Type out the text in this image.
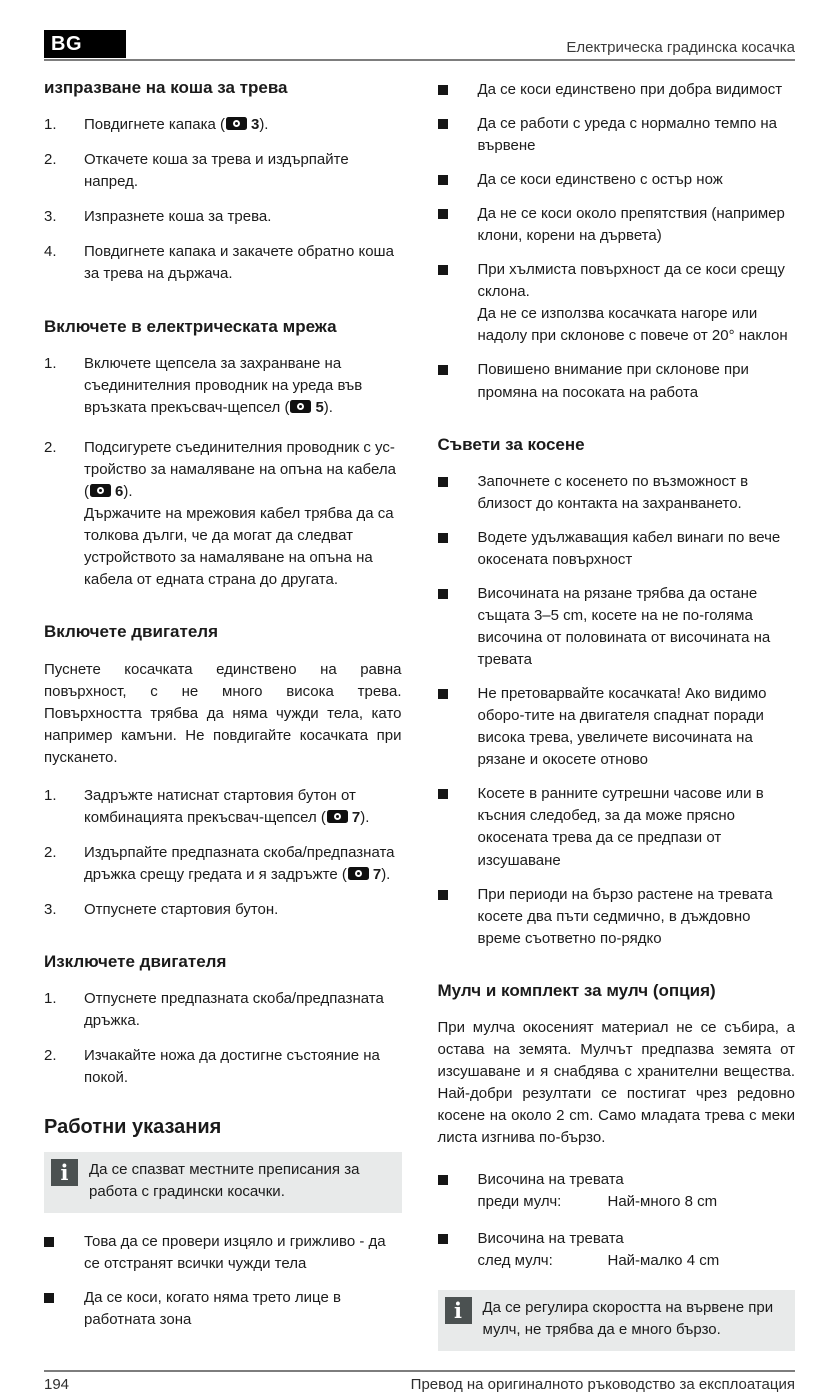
BG	Електрическа градинска косачка
изпразване на коша за трева
1.	Повдигнете капака ( 3).
2.	Откачете коша за трева и издърпайте напред.
3.	Изпразнете коша за трева.
4.	Повдигнете капака и закачете обратно коша за трева на държача.
Включете в електрическата мрежа
1.	Включете щепсела за захранване на съединителния проводник на уреда във връзката прекъсвач-щепсел ( 5).
2.	Подсигурете съединителния проводник с ус-тройство за намаляване на опъна на кабела ( 6).
Държачите на мрежовия кабел трябва да са толкова дълги, че да могат да следват устройството за намаляване на опъна на кабела от едната страна до другата.
Включете двигателя
Пуснете косачката единствено на равна повърхност, с не много висока трева. Повърхността трябва да няма чужди тела, като например камъни. Не повдигайте косачката при пускането.
1.	Задръжте натиснат стартовия бутон от комбинацията прекъсвач-щепсел ( 7).
2.	Издърпайте предпазната скоба/предпазната дръжка срещу гредата и я задръжте ( 7).
3.	Отпуснете стартовия бутон.
Изключете двигателя
1.	Отпуснете предпазната скоба/предпазната дръжка.
2.	Изчакайте ножа да достигне състояние на покой.
Работни указания
i	Да се спазват местните преписания за работа с градински косачки.
Това да се провери изцяло и грижливо - да се отстранят всички чужди тела
Да се коси, когато няма трето лице в работната зона
Да се коси единствено при добра видимост
Да се работи с уреда с нормално темпо на вървене
Да се коси единствено с остър нож
Да не се коси около препятствия (например клони, корени на дървета)
При хълмиста повърхност да се коси срещу склона.
Да не се използва косачката нагоре или надолу при склонове с повече от 20° наклон
Повишено внимание при склонове при промяна на посоката на работа
Съвети за косене
Започнете с косенето по възможност в близост до контакта на захранването.
Водете удължаващия кабел винаги по вече окосената повърхност
Височината на рязане трябва да остане същата 3–5 cm, косете на не по-голяма височина от половината от височината на тревата
Не претоварвайте косачката! Ако видимо оборо-тите на двигателя спаднат поради висока трева, увеличете височината на рязане и окосете отново
Косете в ранните сутрешни часове или в късния следобед, за да може прясно окосената трева да се предпази от изсушаване
При периоди на бързо растене на тревата косете два пъти седмично, в дъждовно време съответно по-рядко
Мулч и комплект за мулч (опция)
При мулча окосеният материал не се събира, а остава на земята. Мулчът предпазва земята от изсушаване и я снабдява с хранителни вещества. Най-добри резултати се постигат чрез редовно косене на около 2 cm. Само младата трева с меки листа изгнива по-бързо.
Височина на тревата
преди мулч:	Най-много 8 cm
Височина на тревата
след мулч:	Най-малко 4 cm
i	Да се регулира скоростта на вървене при мулч, не трябва да е много бързо.
194	Превод на оригиналното ръководство за експлоатация
